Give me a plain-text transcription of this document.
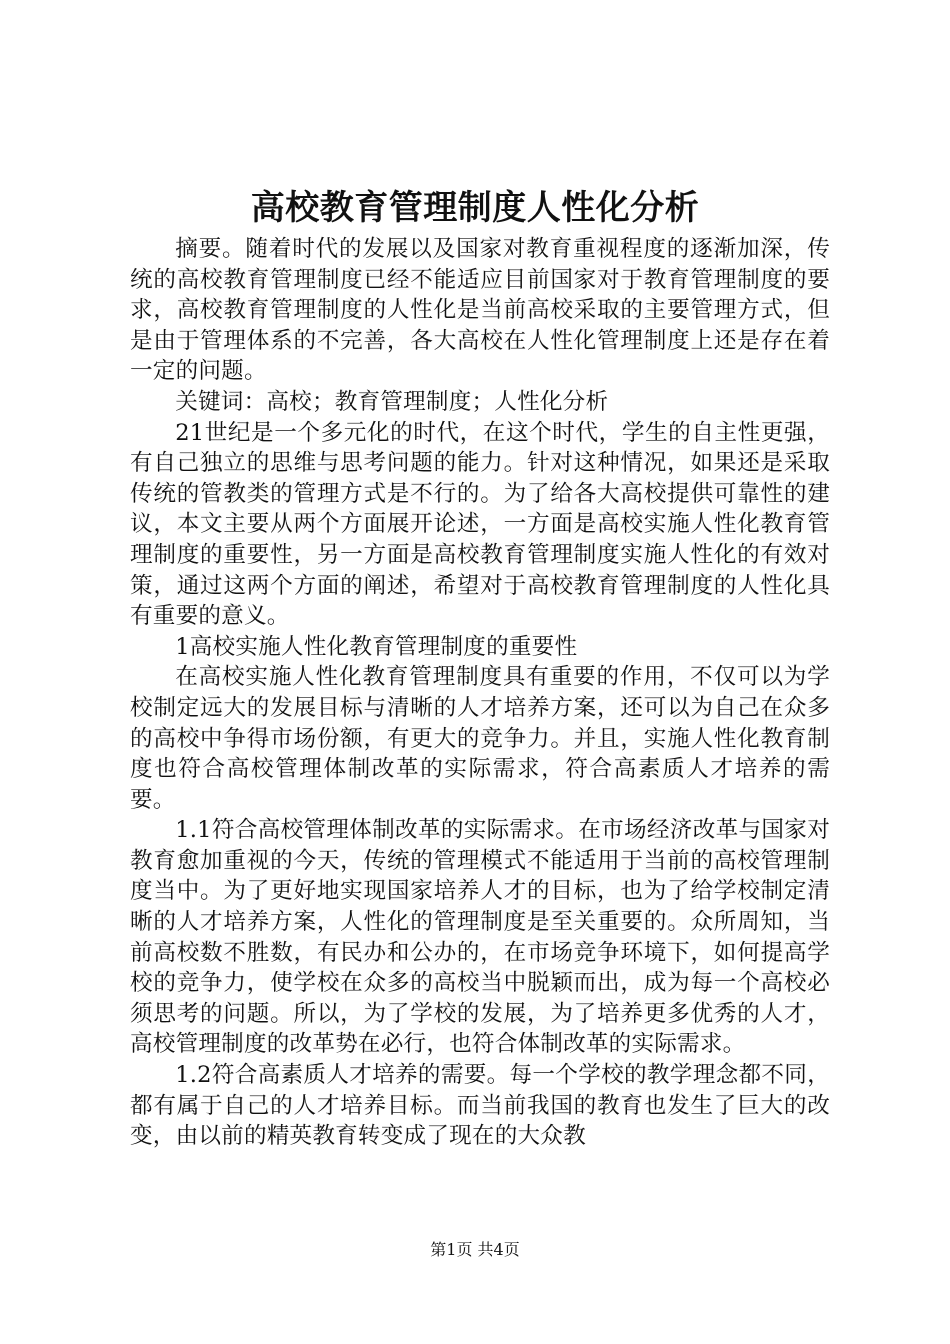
高校教育管理制度人性化分析

摘要。随着时代的发展以及国家对教育重视程度的逐渐加深，传统的高校教育管理制度已经不能适应目前国家对于教育管理制度的要求，高校教育管理制度的人性化是当前高校采取的主要管理方式，但是由于管理体系的不完善，各大高校在人性化管理制度上还是存在着一定的问题。

关键词：高校；教育管理制度；人性化分析

21世纪是一个多元化的时代，在这个时代，学生的自主性更强，有自己独立的思维与思考问题的能力。针对这种情况，如果还是采取传统的管教类的管理方式是不行的。为了给各大高校提供可靠性的建议，本文主要从两个方面展开论述，一方面是高校实施人性化教育管理制度的重要性，另一方面是高校教育管理制度实施人性化的有效对策，通过这两个方面的阐述，希望对于高校教育管理制度的人性化具有重要的意义。

1高校实施人性化教育管理制度的重要性

在高校实施人性化教育管理制度具有重要的作用，不仅可以为学校制定远大的发展目标与清晰的人才培养方案，还可以为自己在众多的高校中争得市场份额，有更大的竞争力。并且，实施人性化教育制度也符合高校管理体制改革的实际需求，符合高素质人才培养的需要。

1.1符合高校管理体制改革的实际需求。在市场经济改革与国家对教育愈加重视的今天，传统的管理模式不能适用于当前的高校管理制度当中。为了更好地实现国家培养人才的目标，也为了给学校制定清晰的人才培养方案，人性化的管理制度是至关重要的。众所周知，当前高校数不胜数，有民办和公办的，在市场竞争环境下，如何提高学校的竞争力，使学校在众多的高校当中脱颖而出，成为每一个高校必须思考的问题。所以，为了学校的发展，为了培养更多优秀的人才，高校管理制度的改革势在必行，也符合体制改革的实际需求。

1.2符合高素质人才培养的需要。每一个学校的教学理念都不同，都有属于自己的人才培养目标。而当前我国的教育也发生了巨大的改变，由以前的精英教育转变成了现在的大众教

第1页 共4页
